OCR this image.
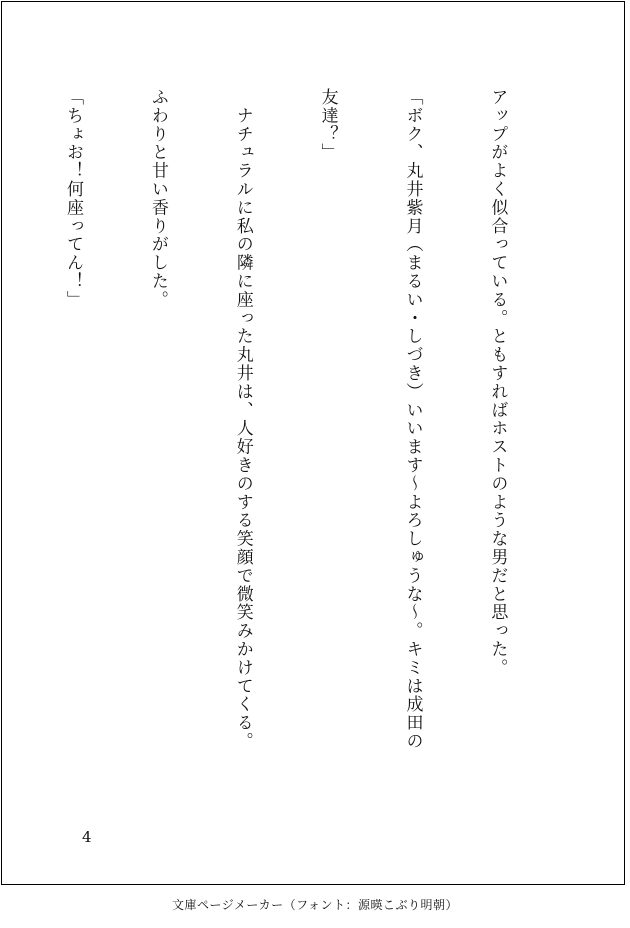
アップがよく似合っている。ともすればホストのような男だと思った。

「ボク、丸井紫月（まるい・しづき）いいます～よろしゅうな～。キミは成田の

友達？」

　ナチュラルに私の隣に座った丸井は、人好きのする笑顔で微笑みかけてくる。

ふわりと甘い香りがした。

「ちょお！何座ってん！」

4
文庫ページメーカー（フォント：源暎こぶり明朝）
